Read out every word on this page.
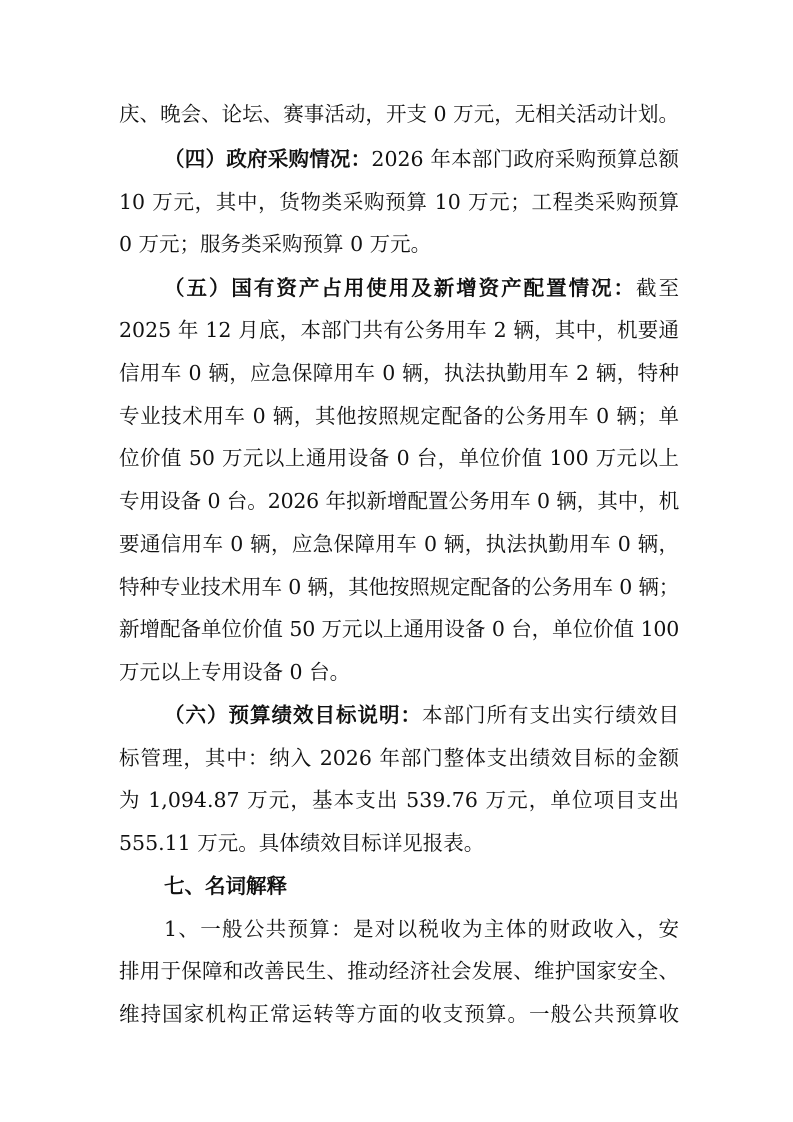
庆、晚会、论坛、赛事活动，开支 0 万元，无相关活动计划。
（四）政府采购情况：2026 年本部门政府采购预算总额
10 万元，其中，货物类采购预算 10 万元；工程类采购预算
0 万元；服务类采购预算 0 万元。
（五）国有资产占用使用及新增资产配置情况：截至
2025 年 12 月底，本部门共有公务用车 2 辆，其中，机要通
信用车 0 辆，应急保障用车 0 辆，执法执勤用车 2 辆，特种
专业技术用车 0 辆，其他按照规定配备的公务用车 0 辆；单
位价值 50 万元以上通用设备 0 台，单位价值 100 万元以上
专用设备 0 台。2026 年拟新增配置公务用车 0 辆，其中，机
要通信用车 0 辆，应急保障用车 0 辆，执法执勤用车 0 辆，
特种专业技术用车 0 辆，其他按照规定配备的公务用车 0 辆；
新增配备单位价值 50 万元以上通用设备 0 台，单位价值 100
万元以上专用设备 0 台。
（六）预算绩效目标说明：本部门所有支出实行绩效目
标管理，其中：纳入 2026 年部门整体支出绩效目标的金额
为 1,094.87 万元，基本支出 539.76 万元，单位项目支出
555.11 万元。具体绩效目标详见报表。
七、名词解释
1、一般公共预算：是对以税收为主体的财政收入，安
排用于保障和改善民生、推动经济社会发展、维护国家安全、
维持国家机构正常运转等方面的收支预算。一般公共预算收
